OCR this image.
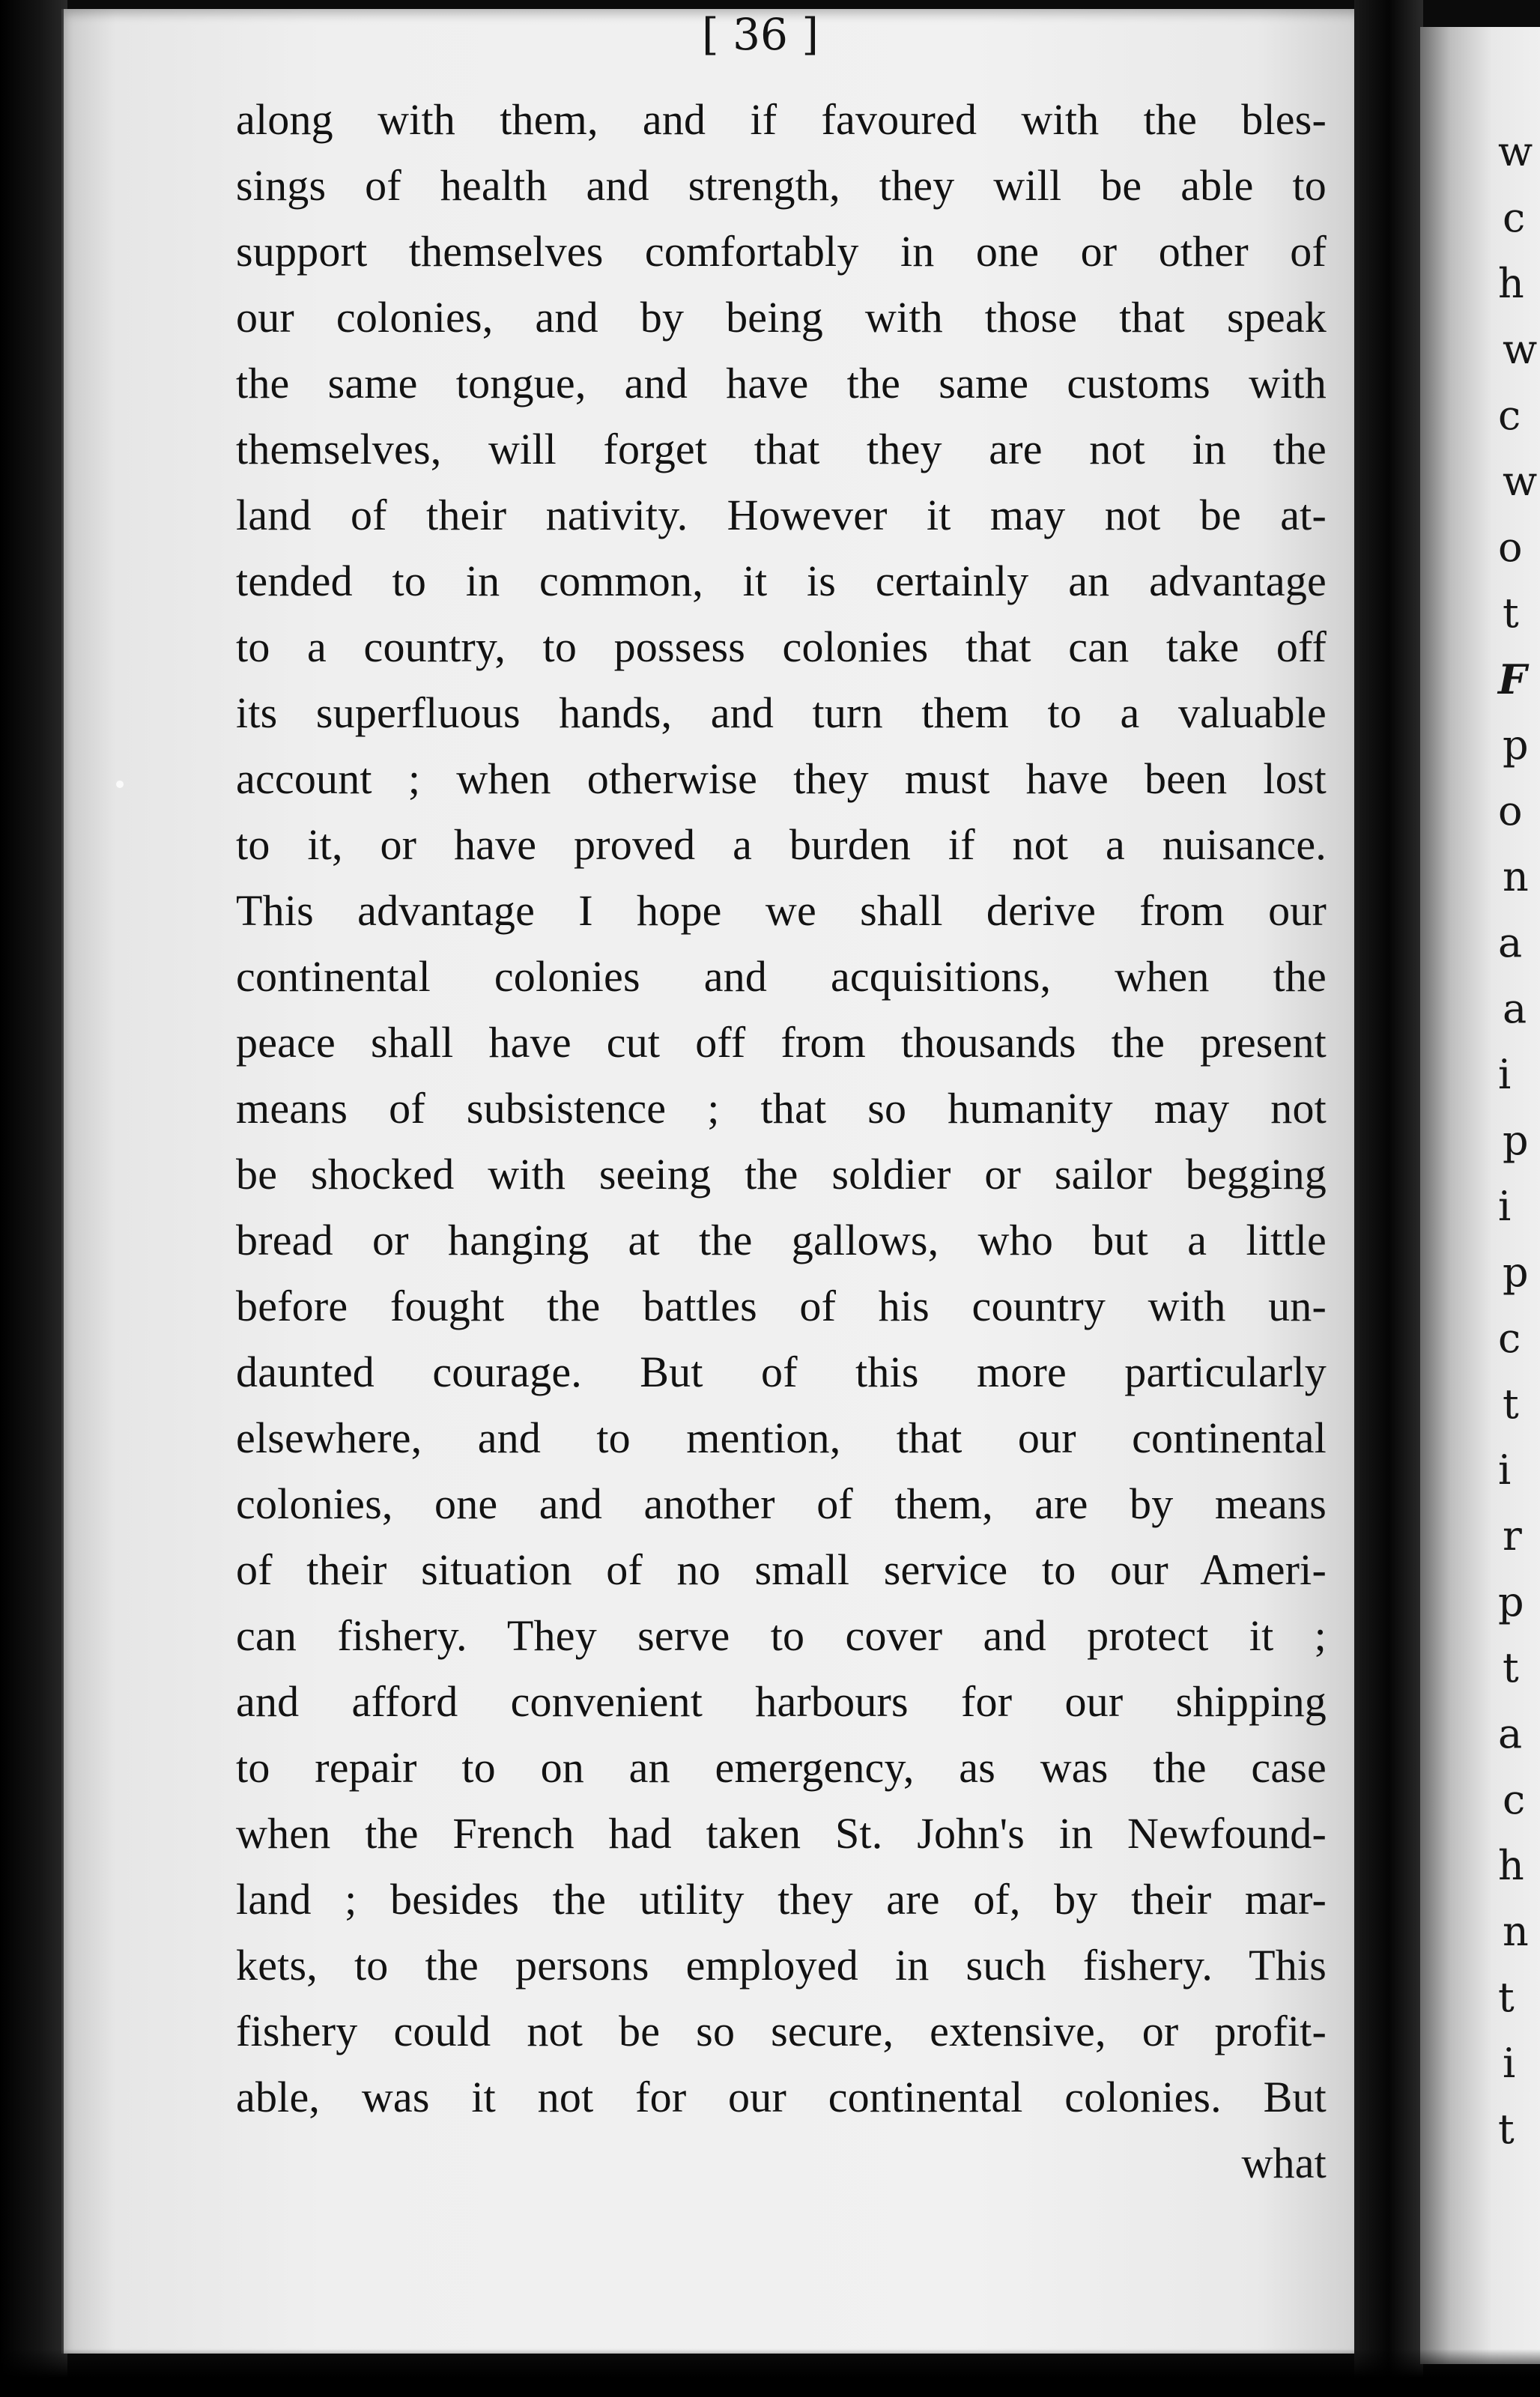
[ 36 ]
along with them, and if favoured with the bles-
sings of health and strength, they will be able to
support themselves comfortably in one or other of
our colonies, and by being with those that speak
the same tongue, and have the same customs with
themselves, will forget that they are not in the
land of their nativity. However it may not be at-
tended to in common, it is certainly an advantage
to a country, to possess colonies that can take off
its superfluous hands, and turn them to a valuable
account ; when otherwise they must have been lost
to it, or have proved a burden if not a nuisance.
This advantage I hope we shall derive from our
continental colonies and acquisitions, when the
peace shall have cut off from thousands the present
means of subsistence ; that so humanity may not
be shocked with seeing the soldier or sailor begging
bread or hanging at the gallows, who but a little
before fought the battles of his country with un-
daunted courage. But of this more particularly
elsewhere, and to mention, that our continental
colonies, one and another of them, are by means
of their situation of no small service to our Ameri-
can fishery. They serve to cover and protect it ;
and afford convenient harbours for our shipping
to repair to on an emergency, as was the case
when the French had taken St. John's in Newfound-
land ; besides the utility they are of, by their mar-
kets, to the persons employed in such fishery. This
fishery could not be so secure, extensive, or profit-
able, was it not for our continental colonies. But
what
w
c
h
w
c
w
o
t
F
p
o
n
a
a
i
p
i
p
c
t
i
r
p
t
a
c
h
n
t
i
t
